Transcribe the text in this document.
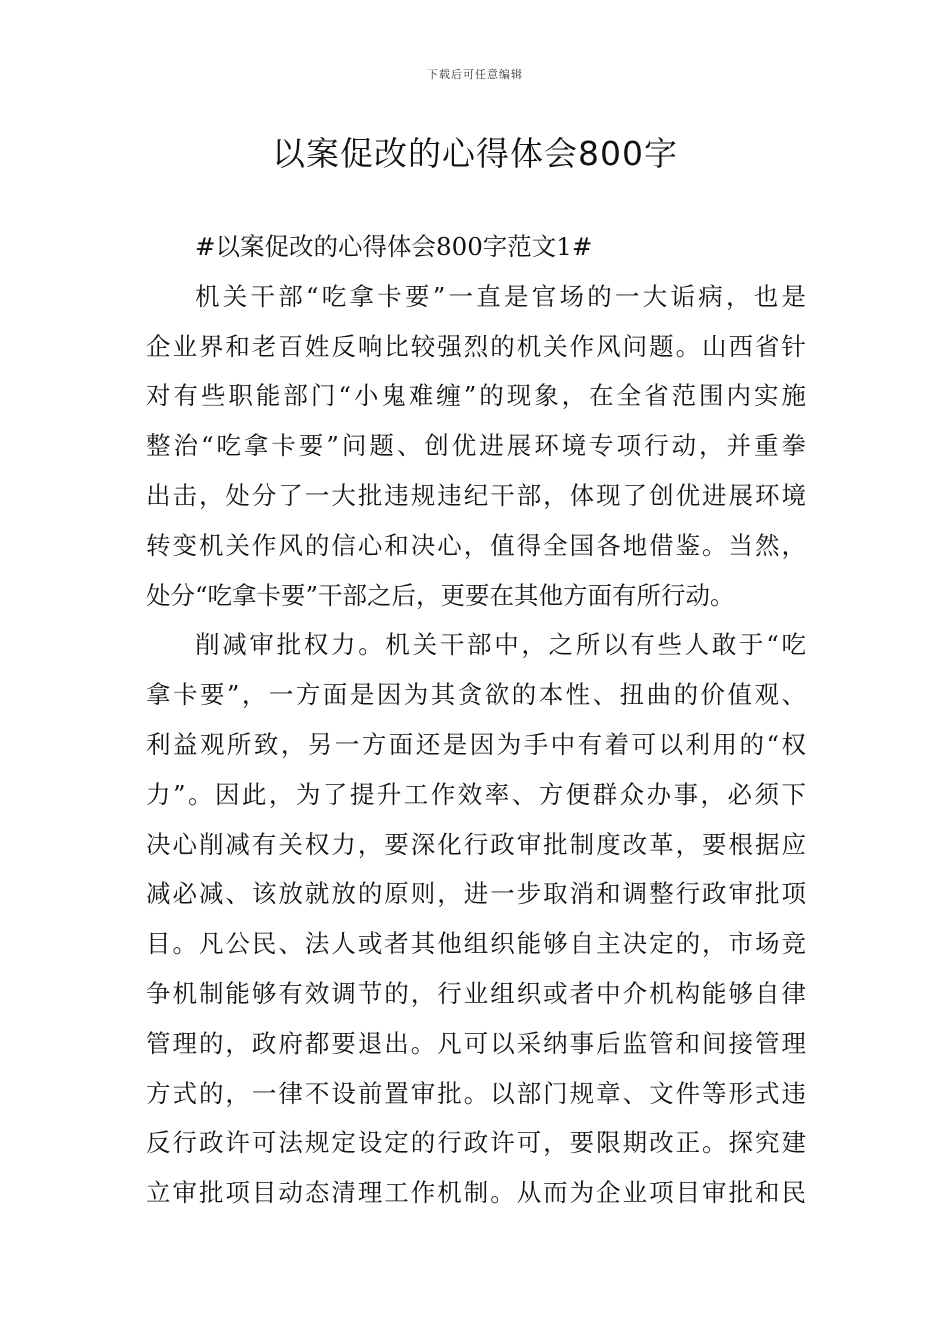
下载后可任意编辑
以案促改的心得体会800字
#以案促改的心得体会800字范文1#
机关干部“吃拿卡要”一直是官场的一大诟病，也是
企业界和老百姓反响比较强烈的机关作风问题。山西省针
对有些职能部门“小鬼难缠”的现象，在全省范围内实施
整治“吃拿卡要”问题、创优进展环境专项行动，并重拳
出击，处分了一大批违规违纪干部，体现了创优进展环境
转变机关作风的信心和决心，值得全国各地借鉴。当然，
处分“吃拿卡要”干部之后，更要在其他方面有所行动。
削减审批权力。机关干部中，之所以有些人敢于“吃
拿卡要”，一方面是因为其贪欲的本性、扭曲的价值观、
利益观所致，另一方面还是因为手中有着可以利用的“权
力”。因此，为了提升工作效率、方便群众办事，必须下
决心削减有关权力，要深化行政审批制度改革，要根据应
减必减、该放就放的原则，进一步取消和调整行政审批项
目。凡公民、法人或者其他组织能够自主决定的，市场竞
争机制能够有效调节的，行业组织或者中介机构能够自律
管理的，政府都要退出。凡可以采纳事后监管和间接管理
方式的，一律不设前置审批。以部门规章、文件等形式违
反行政许可法规定设定的行政许可，要限期改正。探究建
立审批项目动态清理工作机制。从而为企业项目审批和民
